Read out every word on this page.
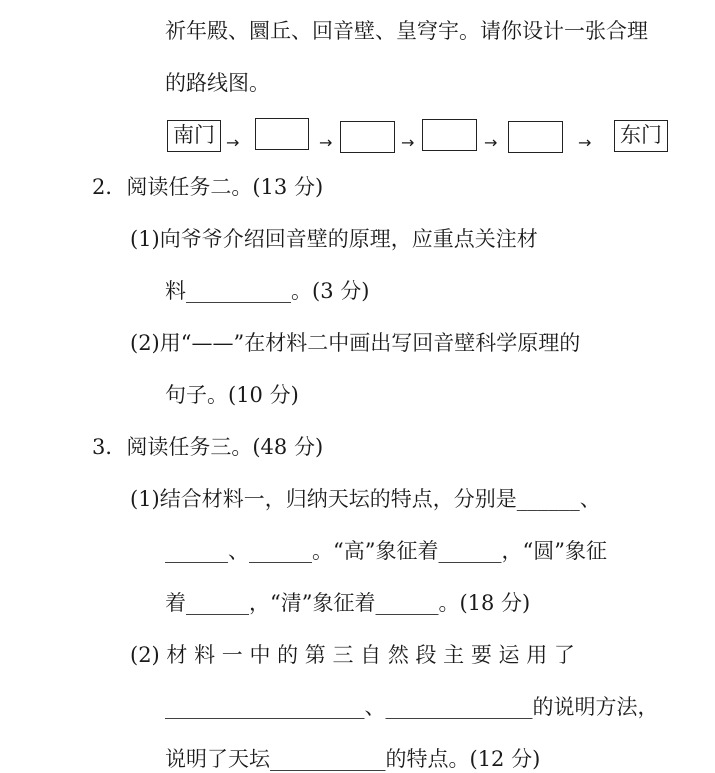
祈年殿、圜丘、回音壁、皇穹宇。请你设计一张合理
的路线图。
南门 →	→	→	→	→ 东门
2．阅读任务二。(13 分)
(1)向爷爷介绍回音壁的原理，应重点关注材
料__________。(3 分)
(2)用“——”在材料二中画出写回音壁科学原理的
句子。(10 分)
3．阅读任务三。(48 分)
(1)结合材料一，归纳天坛的特点，分别是______、
______、______。“高”象征着______，“圆”象征
着______，“清”象征着______。(18 分)
(2) 材 料 一 中 的 第 三 自 然 段 主 要 运 用 了
___________________、______________的说明方法，
说明了天坛___________的特点。(12 分)
